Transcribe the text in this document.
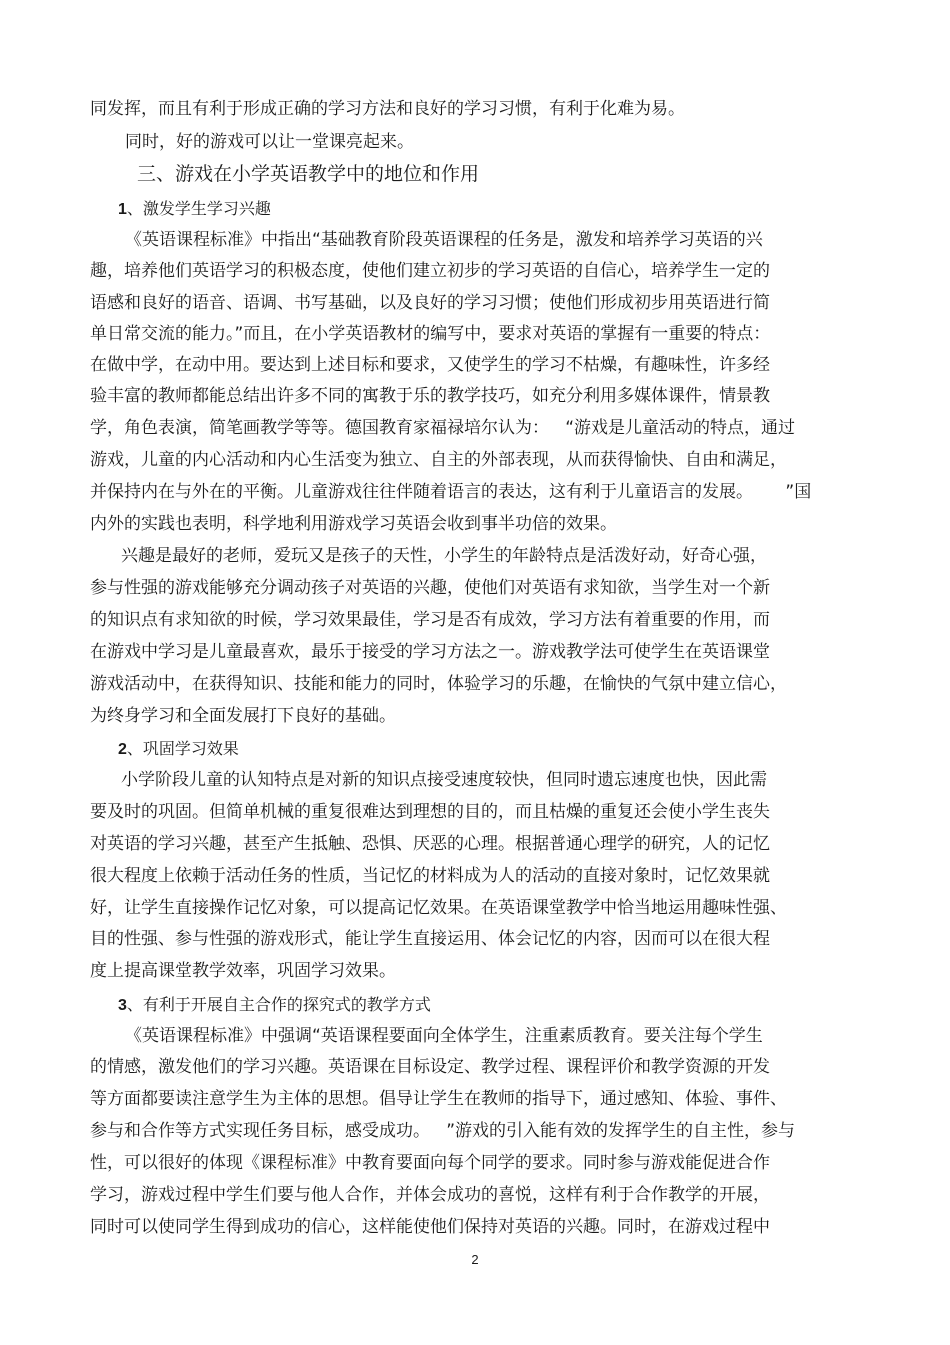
同发挥，而且有利于形成正确的学习方法和良好的学习习惯，有利于化难为易。

同时，好的游戏可以让一堂课亮起来。

三、游戏在小学英语教学中的地位和作用

1、激发学生学习兴趣

《英语课程标准》中指出“基础教育阶段英语课程的任务是，激发和培养学习英语的兴

趣，培养他们英语学习的积极态度，使他们建立初步的学习英语的自信心，培养学生一定的

语感和良好的语音、语调、书写基础，以及良好的学习习惯；使他们形成初步用英语进行简

单日常交流的能力。”而且，在小学英语教材的编写中，要求对英语的掌握有一重要的特点：

在做中学，在动中用。要达到上述目标和要求，又使学生的学习不枯燥，有趣味性，许多经

验丰富的教师都能总结出许多不同的寓教于乐的教学技巧，如充分利用多媒体课件，情景教

学，角色表演，简笔画教学等等。德国教育家福禄培尔认为：   “游戏是儿童活动的特点，通过

游戏，儿童的内心活动和内心生活变为独立、自主的外部表现，从而获得愉快、自由和满足，

并保持内在与外在的平衡。儿童游戏往往伴随着语言的表达，这有利于儿童语言的发展。      ”国

内外的实践也表明，科学地利用游戏学习英语会收到事半功倍的效果。

兴趣是最好的老师，爱玩又是孩子的天性，小学生的年龄特点是活泼好动，好奇心强，

参与性强的游戏能够充分调动孩子对英语的兴趣，使他们对英语有求知欲，当学生对一个新

的知识点有求知欲的时候，学习效果最佳，学习是否有成效，学习方法有着重要的作用，而

在游戏中学习是儿童最喜欢，最乐于接受的学习方法之一。游戏教学法可使学生在英语课堂

游戏活动中，在获得知识、技能和能力的同时，体验学习的乐趣，在愉快的气氛中建立信心，

为终身学习和全面发展打下良好的基础。

2、巩固学习效果

小学阶段儿童的认知特点是对新的知识点接受速度较快，但同时遗忘速度也快，因此需

要及时的巩固。但简单机械的重复很难达到理想的目的，而且枯燥的重复还会使小学生丧失

对英语的学习兴趣，甚至产生抵触、恐惧、厌恶的心理。根据普通心理学的研究，人的记忆

很大程度上依赖于活动任务的性质，当记忆的材料成为人的活动的直接对象时，记忆效果就

好，让学生直接操作记忆对象，可以提高记忆效果。在英语课堂教学中恰当地运用趣味性强、

目的性强、参与性强的游戏形式，能让学生直接运用、体会记忆的内容，因而可以在很大程

度上提高课堂教学效率，巩固学习效果。

3、有利于开展自主合作的探究式的教学方式

《英语课程标准》中强调“英语课程要面向全体学生，注重素质教育。要关注每个学生

的情感，激发他们的学习兴趣。英语课在目标设定、教学过程、课程评价和教学资源的开发

等方面都要读注意学生为主体的思想。倡导让学生在教师的指导下，通过感知、体验、事件、

参与和合作等方式实现任务目标，感受成功。   ”游戏的引入能有效的发挥学生的自主性，参与

性，可以很好的体现《课程标准》中教育要面向每个同学的要求。同时参与游戏能促进合作

学习，游戏过程中学生们要与他人合作，并体会成功的喜悦，这样有利于合作教学的开展，

同时可以使同学生得到成功的信心，这样能使他们保持对英语的兴趣。同时，在游戏过程中

2
